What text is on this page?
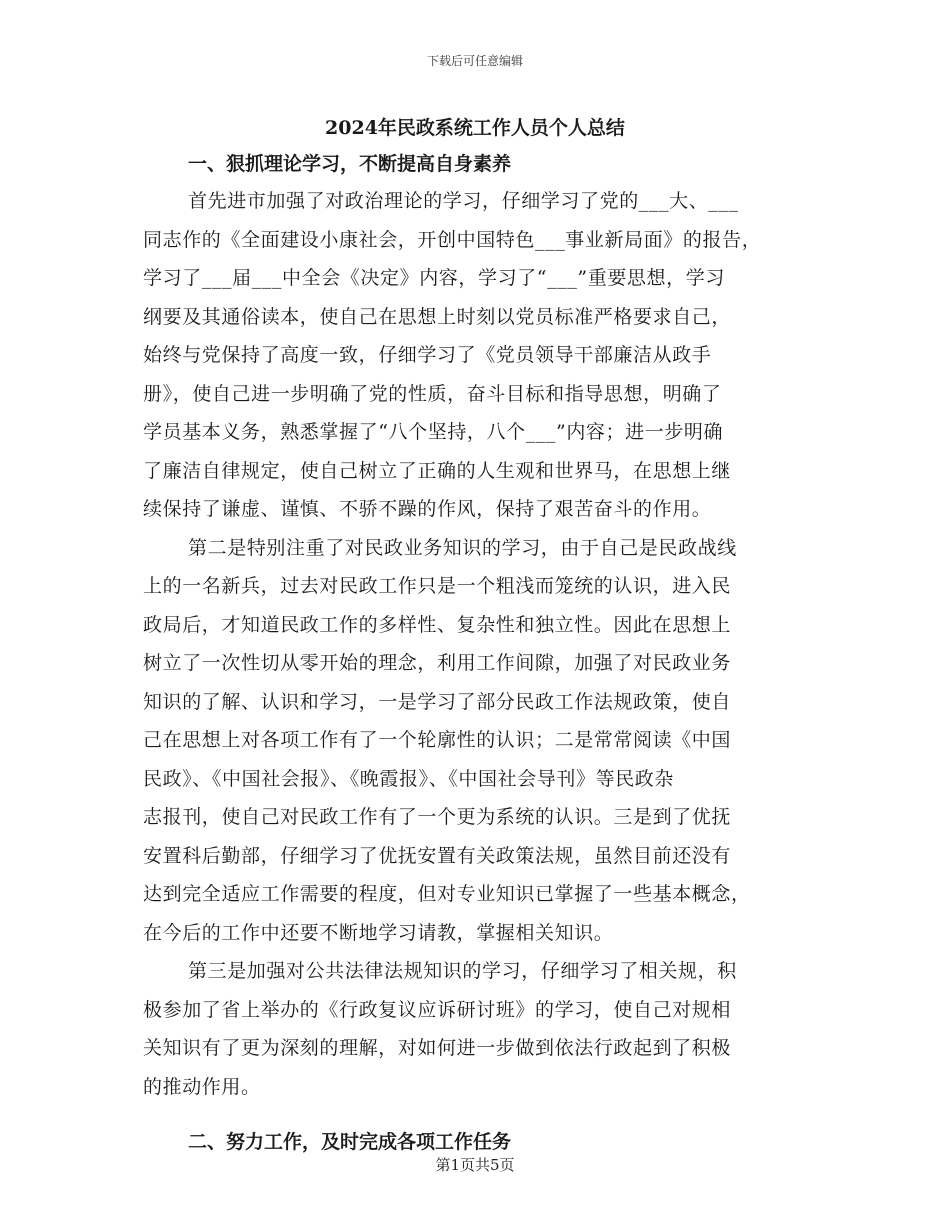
下载后可任意编辑
2024年民政系统工作人员个人总结
一、狠抓理论学习，不断提高自身素养
首先进市加强了对政治理论的学习，仔细学习了党的___大、___
同志作的《全面建设小康社会，开创中国特色___事业新局面》的报告，
学习了___届___中全会《决定》内容，学习了“___”重要思想，学习
纲要及其通俗读本，使自己在思想上时刻以党员标准严格要求自己，
始终与党保持了高度一致，仔细学习了《党员领导干部廉洁从政手
册》，使自己进一步明确了党的性质，奋斗目标和指导思想，明确了
学员基本义务，熟悉掌握了“八个坚持，八个___”内容；进一步明确
了廉洁自律规定，使自己树立了正确的人生观和世界马，在思想上继
续保持了谦虚、谨慎、不骄不躁的作风，保持了艰苦奋斗的作用。
第二是特别注重了对民政业务知识的学习，由于自己是民政战线
上的一名新兵，过去对民政工作只是一个粗浅而笼统的认识，进入民
政局后，才知道民政工作的多样性、复杂性和独立性。因此在思想上
树立了一次性切从零开始的理念，利用工作间隙，加强了对民政业务
知识的了解、认识和学习，一是学习了部分民政工作法规政策，使自
己在思想上对各项工作有了一个轮廓性的认识；二是常常阅读《中国
民政》、《中国社会报》、《晚霞报》、《中国社会导刊》等民政杂
志报刊，使自己对民政工作有了一个更为系统的认识。三是到了优抚
安置科后勤部，仔细学习了优抚安置有关政策法规，虽然目前还没有
达到完全适应工作需要的程度，但对专业知识已掌握了一些基本概念，
在今后的工作中还要不断地学习请教，掌握相关知识。
第三是加强对公共法律法规知识的学习，仔细学习了相关规，积
极参加了省上举办的《行政复议应诉研讨班》的学习，使自己对规相
关知识有了更为深刻的理解，对如何进一步做到依法行政起到了积极
的推动作用。
二、努力工作，及时完成各项工作任务
第1页共5页
